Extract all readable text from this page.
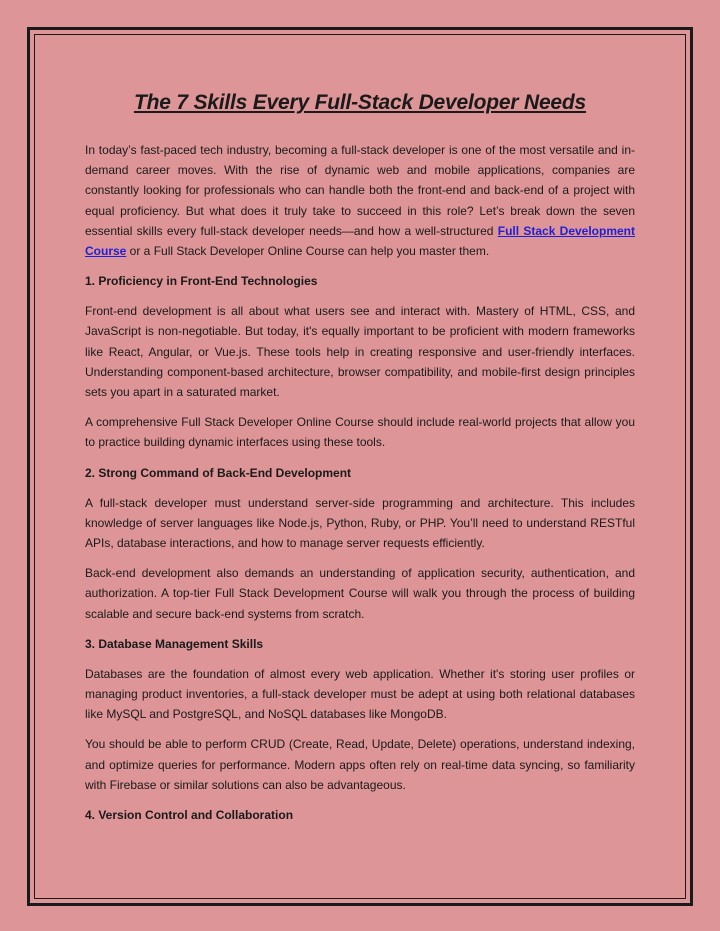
The 7 Skills Every Full-Stack Developer Needs

In today’s fast-paced tech industry, becoming a full-stack developer is one of the most versatile and in-demand career moves. With the rise of dynamic web and mobile applications, companies are constantly looking for professionals who can handle both the front-end and back-end of a project with equal proficiency. But what does it truly take to succeed in this role? Let’s break down the seven essential skills every full-stack developer needs—and how a well-structured Full Stack Development Course or a Full Stack Developer Online Course can help you master them.

1. Proficiency in Front-End Technologies

Front-end development is all about what users see and interact with. Mastery of HTML, CSS, and JavaScript is non-negotiable. But today, it's equally important to be proficient with modern frameworks like React, Angular, or Vue.js. These tools help in creating responsive and user-friendly interfaces. Understanding component-based architecture, browser compatibility, and mobile-first design principles sets you apart in a saturated market.

A comprehensive Full Stack Developer Online Course should include real-world projects that allow you to practice building dynamic interfaces using these tools.

2. Strong Command of Back-End Development

A full-stack developer must understand server-side programming and architecture. This includes knowledge of server languages like Node.js, Python, Ruby, or PHP. You’ll need to understand RESTful APIs, database interactions, and how to manage server requests efficiently.

Back-end development also demands an understanding of application security, authentication, and authorization. A top-tier Full Stack Development Course will walk you through the process of building scalable and secure back-end systems from scratch.

3. Database Management Skills

Databases are the foundation of almost every web application. Whether it's storing user profiles or managing product inventories, a full-stack developer must be adept at using both relational databases like MySQL and PostgreSQL, and NoSQL databases like MongoDB.

You should be able to perform CRUD (Create, Read, Update, Delete) operations, understand indexing, and optimize queries for performance. Modern apps often rely on real-time data syncing, so familiarity with Firebase or similar solutions can also be advantageous.

4. Version Control and Collaboration
